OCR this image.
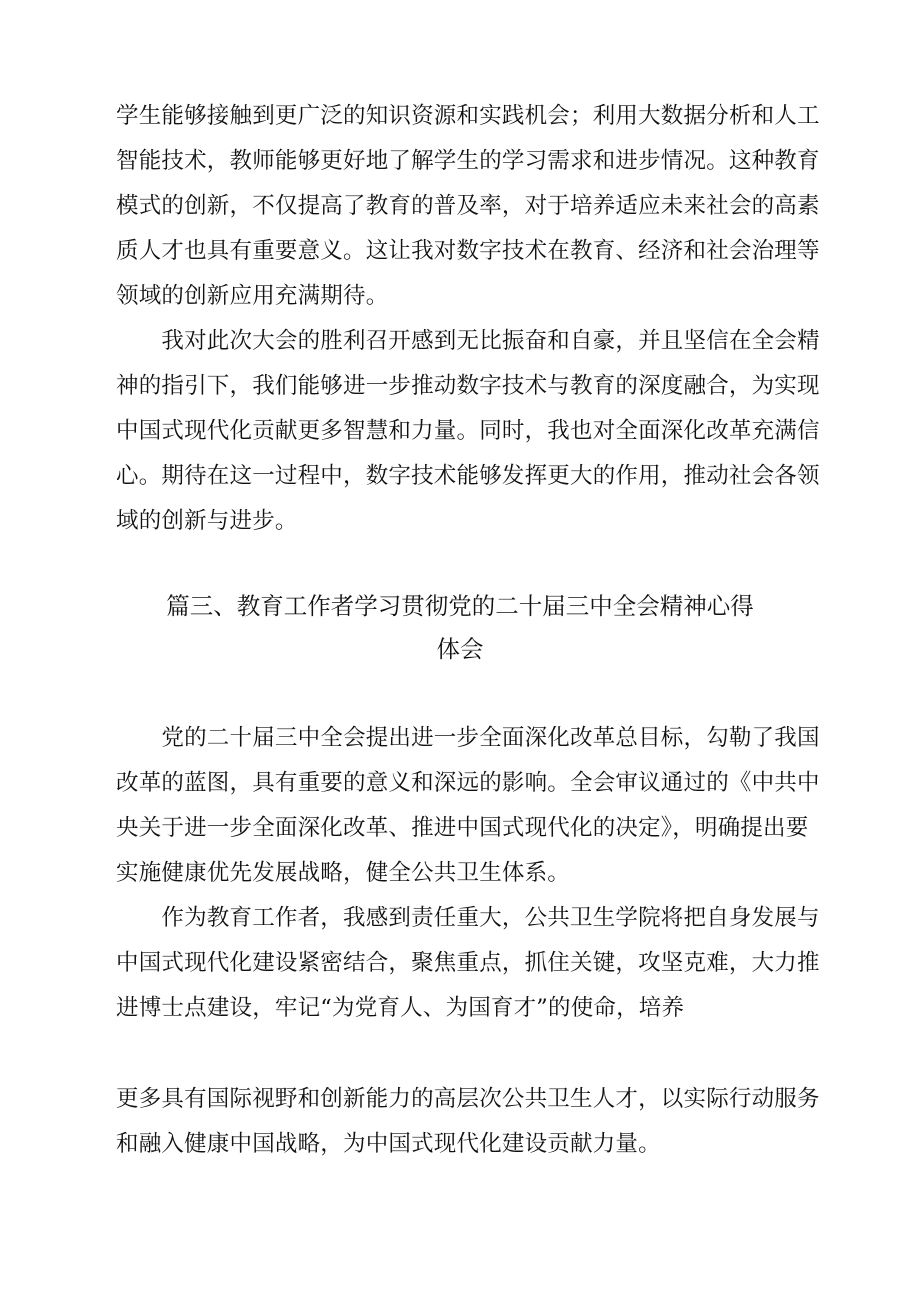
学生能够接触到更广泛的知识资源和实践机会；利用大数据分析和人工
智能技术，教师能够更好地了解学生的学习需求和进步情况。这种教育
模式的创新，不仅提高了教育的普及率，对于培养适应未来社会的高素
质人才也具有重要意义。这让我对数字技术在教育、经济和社会治理等
领域的创新应用充满期待。
　　我对此次大会的胜利召开感到无比振奋和自豪，并且坚信在全会精
神的指引下，我们能够进一步推动数字技术与教育的深度融合，为实现
中国式现代化贡献更多智慧和力量。同时，我也对全面深化改革充满信
心。期待在这一过程中，数字技术能够发挥更大的作用，推动社会各领
域的创新与进步。
篇三、教育工作者学习贯彻党的二十届三中全会精神心得
体会
　　党的二十届三中全会提出进一步全面深化改革总目标，勾勒了我国
改革的蓝图，具有重要的意义和深远的影响。全会审议通过的《中共中
央关于进一步全面深化改革、推进中国式现代化的决定》，明确提出要
实施健康优先发展战略，健全公共卫生体系。
　　作为教育工作者，我感到责任重大，公共卫生学院将把自身发展与
中国式现代化建设紧密结合，聚焦重点，抓住关键，攻坚克难，大力推
进博士点建设，牢记“为党育人、为国育才”的使命，培养
更多具有国际视野和创新能力的高层次公共卫生人才，以实际行动服务
和融入健康中国战略，为中国式现代化建设贡献力量。
